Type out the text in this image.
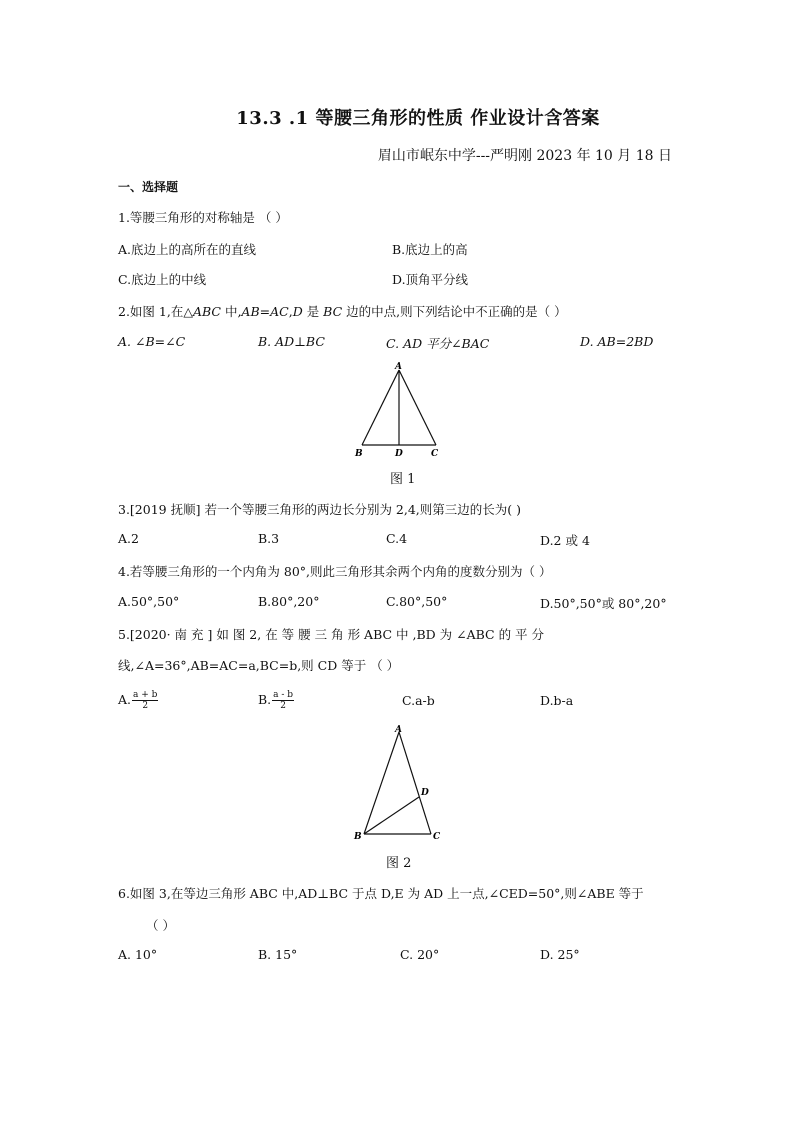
13.3 .1 等腰三角形的性质 作业设计含答案
眉山市岷东中学---严明刚 2023 年 10 月 18 日
一、选择题
1.等腰三角形的对称轴是 （ ）
A.底边上的高所在的直线	B.底边上的高
C.底边上的中线	D.顶角平分线
2.如图 1,在△ABC 中,AB=AC,D 是 BC 边的中点,则下列结论中不正确的是（ ）
A. ∠B=∠C	B. AD⊥BC	C. AD 平分∠BAC	D. AB=2BD
A
B	D	C
图 1
3.[2019 抚顺] 若一个等腰三角形的两边长分别为 2,4,则第三边的长为( )
A.2	B.3	C.4	D.2 或 4
4.若等腰三角形的一个内角为 80°,则此三角形其余两个内角的度数分别为（ ）
A.50°,50°	B.80°,20°	C.80°,50°	D.50°,50°或 80°,20°
5.[2020· 南 充 ] 如 图 2, 在 等 腰 三 角 形 ABC 中 ,BD 为 ∠ABC 的 平 分
线,∠A=36°,AB=AC=a,BC=b,则 CD 等于 （ ）
A. $\frac{a + b}{2}$	B. $\frac{a - b}{2}$	C.a-b	D.b-a
A
D
B	C
图 2
6.如图 3,在等边三角形 ABC 中,AD⊥BC 于点 D,E 为 AD 上一点,∠CED=50°,则∠ABE 等于
（ ）
A. 10°	B. 15°	C. 20°	D. 25°
